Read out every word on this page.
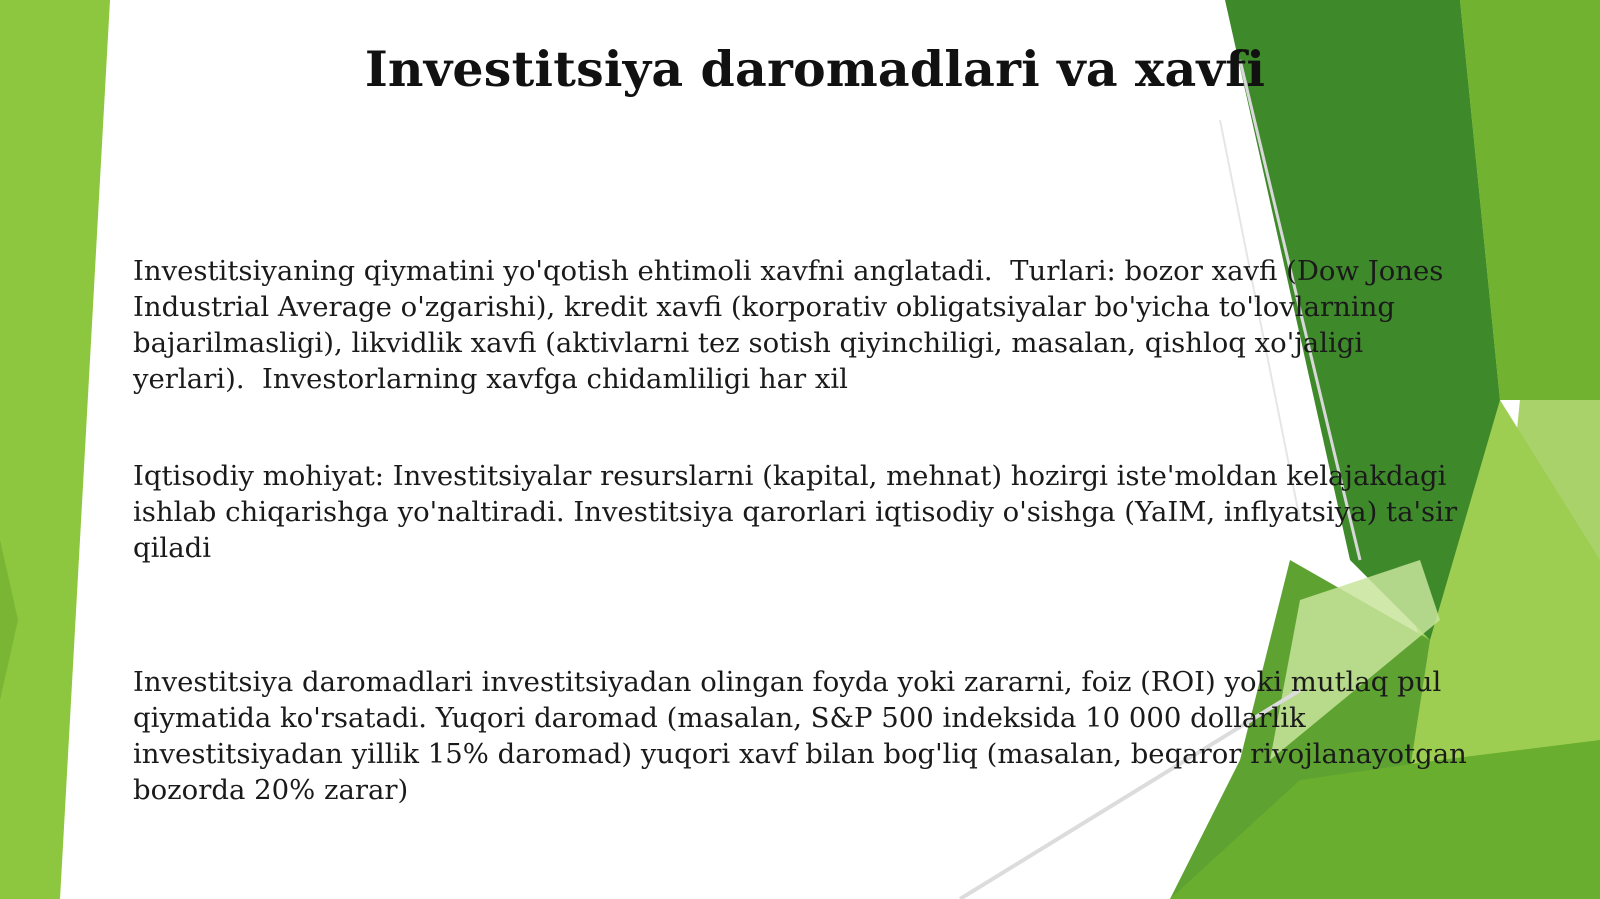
Investitsiya daromadlari va xavfi
Investitsiyaning qiymatini yo'qotish ehtimoli xavfni anglatadi.  Turlari: bozor xavfi (Dow Jones
Industrial Average o'zgarishi), kredit xavfi (korporativ obligatsiyalar bo'yicha to'lovlarning
bajarilmasligi), likvidlik xavfi (aktivlarni tez sotish qiyinchiligi, masalan, qishloq xo'jaligi
yerlari).  Investorlarning xavfga chidamliligi har xil
Iqtisodiy mohiyat: Investitsiyalar resurslarni (kapital, mehnat) hozirgi iste'moldan kelajakdagi
ishlab chiqarishga yo'naltiradi. Investitsiya qarorlari iqtisodiy o'sishga (YaIM, inflyatsiya) ta'sir
qiladi
Investitsiya daromadlari investitsiyadan olingan foyda yoki zararni, foiz (ROI) yoki mutlaq pul
qiymatida ko'rsatadi. Yuqori daromad (masalan, S&P 500 indeksida 10 000 dollarlik
investitsiyadan yillik 15% daromad) yuqori xavf bilan bog'liq (masalan, beqaror rivojlanayotgan
bozorda 20% zarar)
